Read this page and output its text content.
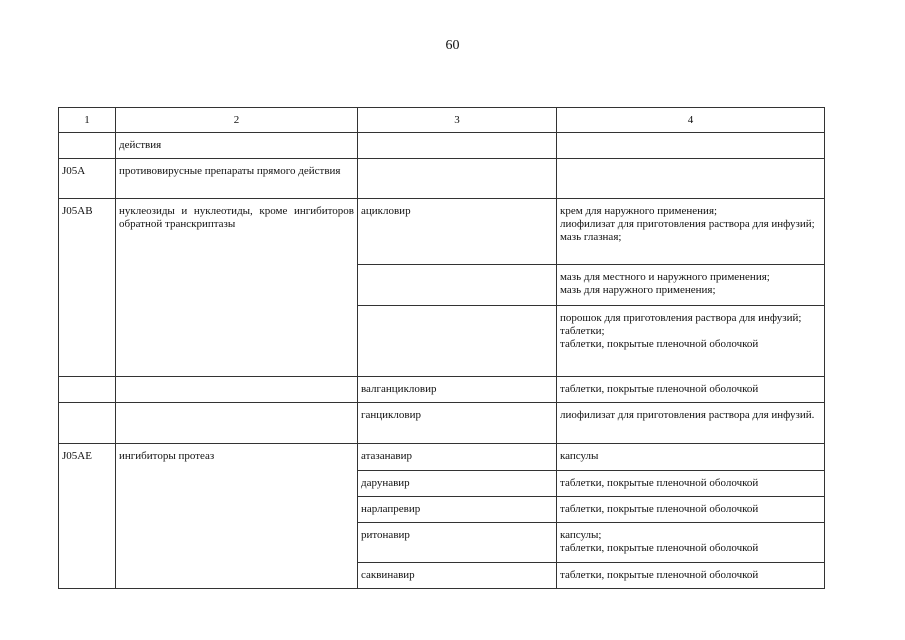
60
1	2	3	4
	действия		
J05A	противовирусные препараты прямого действия		
J05AB	нуклеозиды и нуклеотиды, кроме ингибиторов обратной транскриптазы	ацикловир	крем для наружного применения;
лиофилизат для приготовления раствора для инфузий;
мазь глазная;

			мазь для местного и наружного применения;
мазь для наружного применения;

			порошок для приготовления раствора для инфузий;
таблетки;
таблетки, покрытые пленочной оболочкой

		валганцикловир	таблетки, покрытые пленочной оболочкой
		ганцикловир	лиофилизат для приготовления раствора для инфузий.
J05AE	ингибиторы протеаз	атазанавир	капсулы
		дарунавир	таблетки, покрытые пленочной оболочкой
		нарлапревир	таблетки, покрытые пленочной оболочкой
		ритонавир	капсулы;
таблетки, покрытые пленочной оболочкой

		саквинавир	таблетки, покрытые пленочной оболочкой
